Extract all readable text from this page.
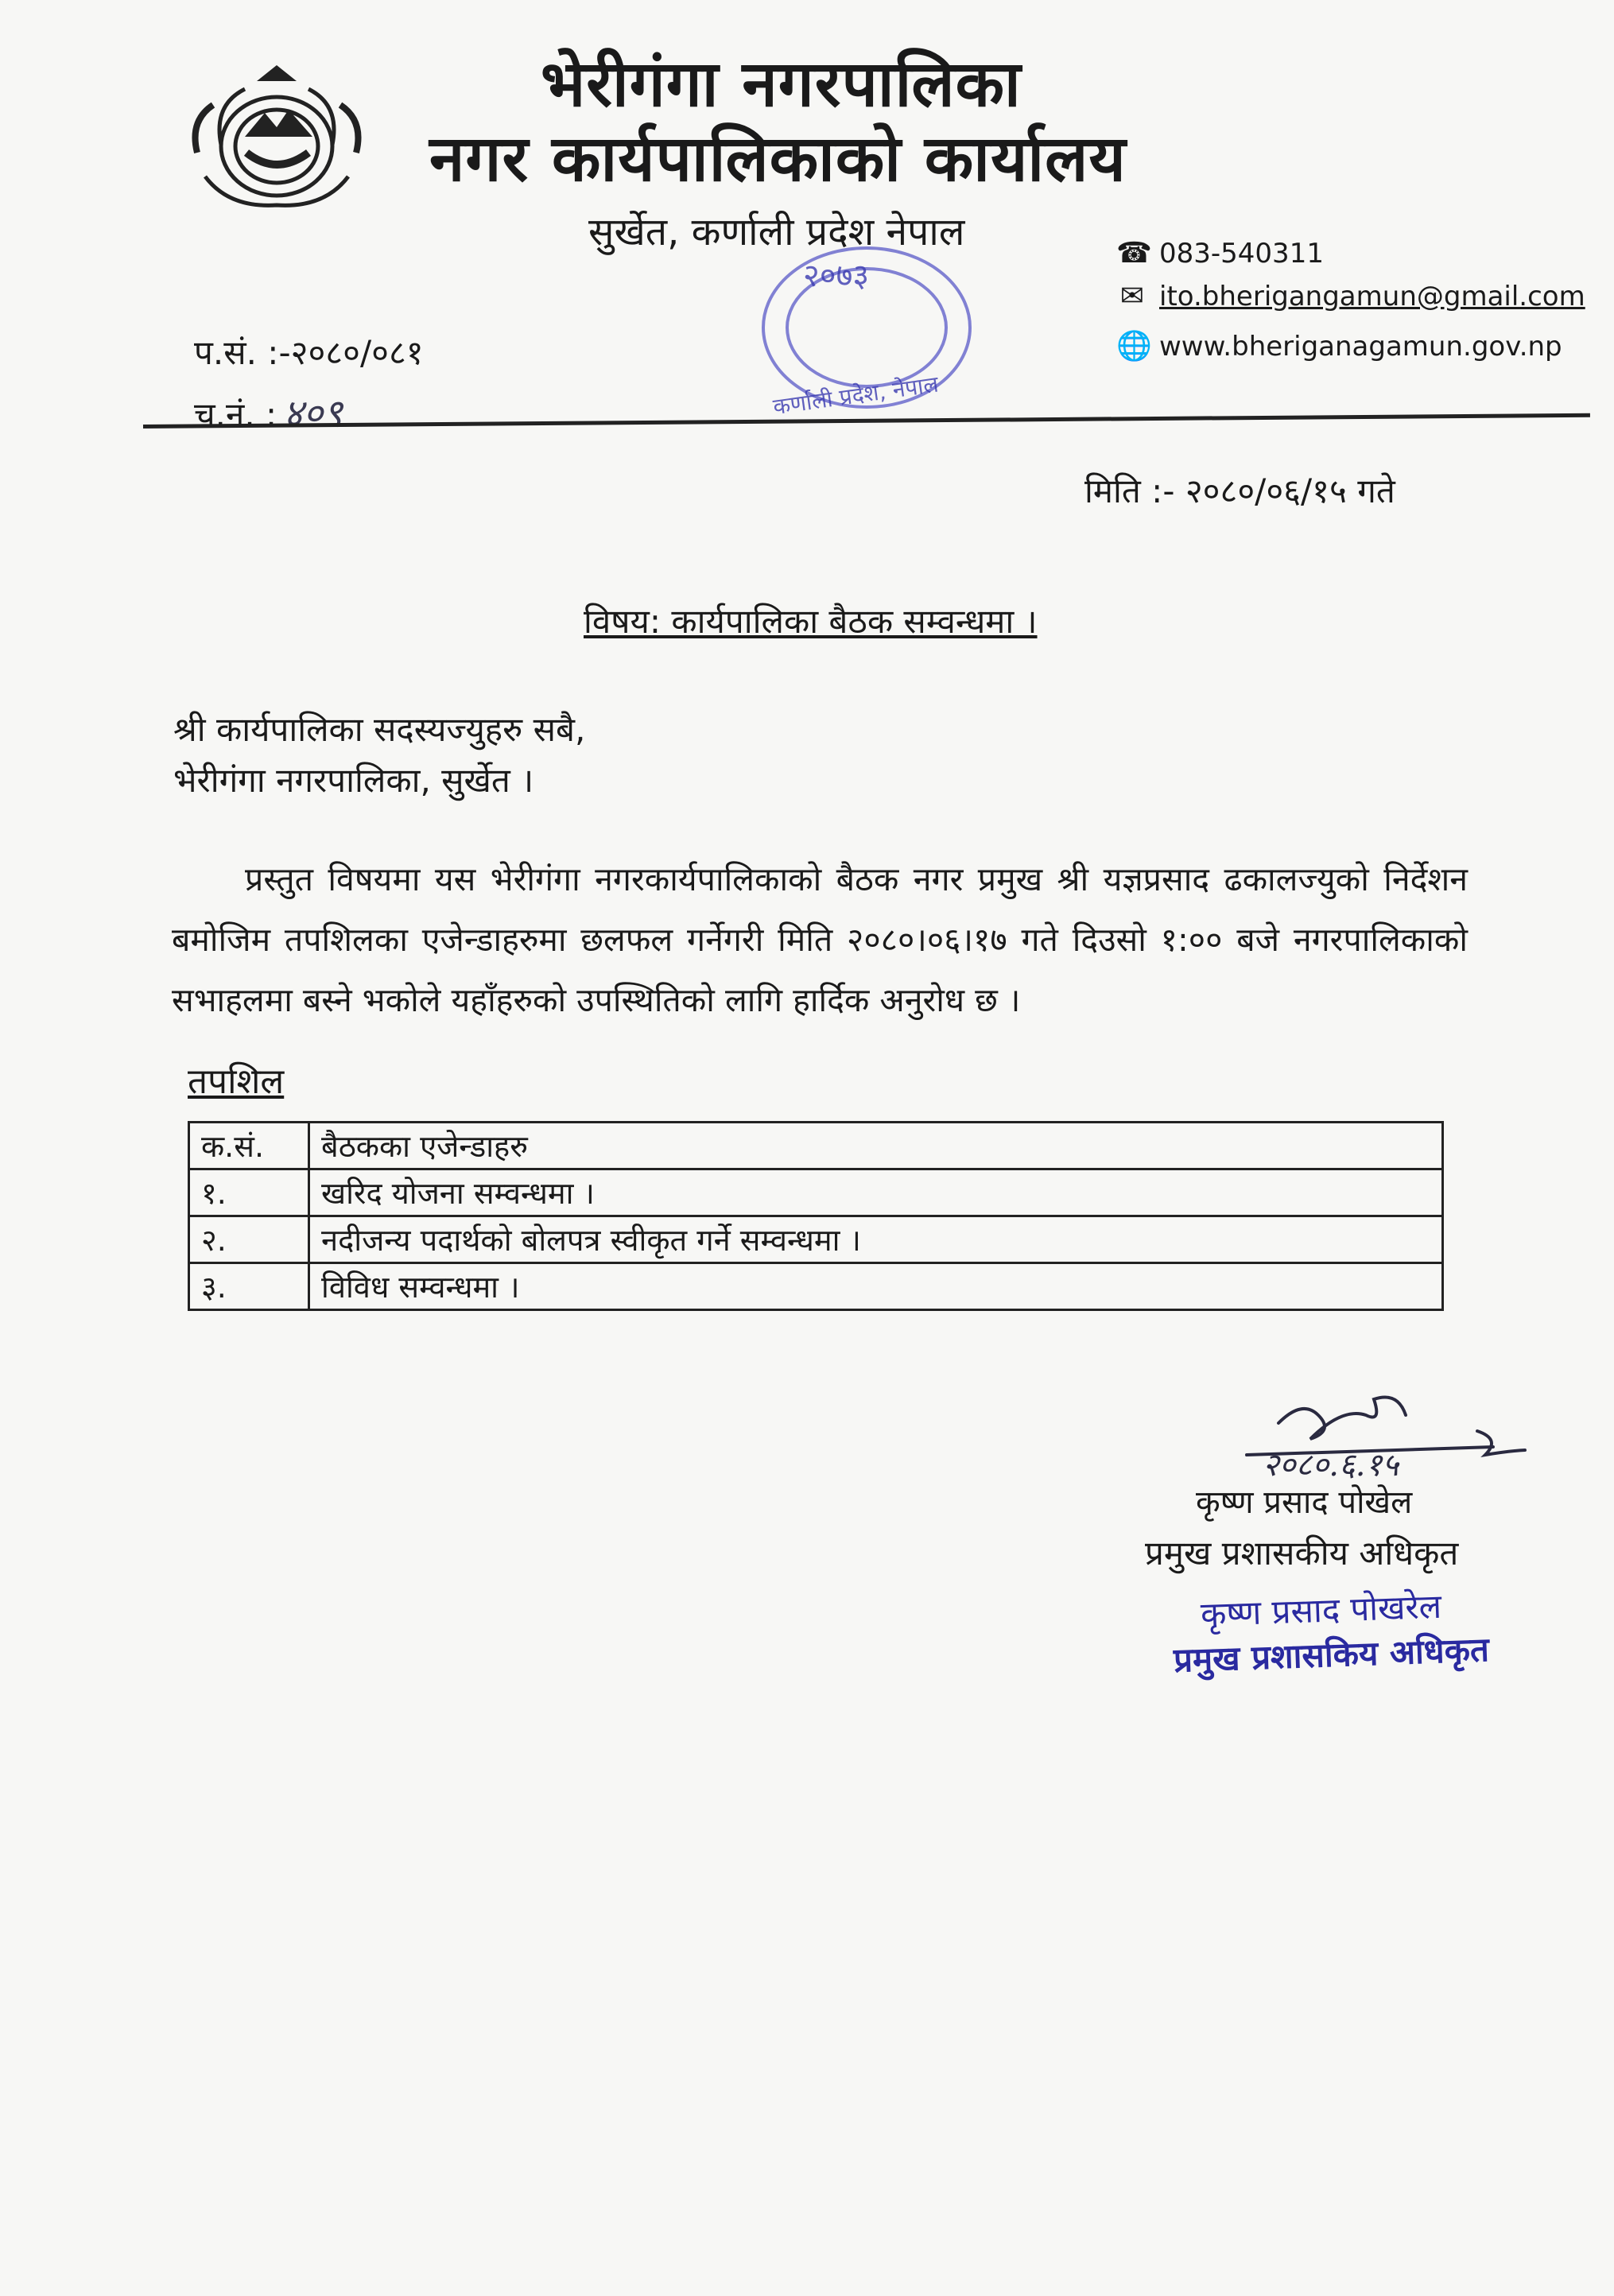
भेरीगंगा नगरपालिका
नगर कार्यपालिकाको कार्यालय
सुर्खेत, कर्णाली प्रदेश नेपाल
२०७३
कर्णाली प्रदेश, नेपाल
☎ 083-540311
✉ ito.bherigangamun@gmail.com
🌐 www.bheriganagamun.gov.np
प.सं. :-२०८०/०८१
च.नं. : ४०९
मिति :- २०८०/०६/१५ गते
विषय: कार्यपालिका बैठक सम्वन्धमा ।
श्री कार्यपालिका सदस्यज्युहरु सबै,
भेरीगंगा नगरपालिका, सुर्खेत ।
प्रस्तुत विषयमा यस भेरीगंगा नगरकार्यपालिकाको बैठक नगर प्रमुख श्री यज्ञप्रसाद ढकालज्युको निर्देशन बमोजिम तपशिलका एजेन्डाहरुमा छलफल गर्नेगरी मिति २०८०।०६।१७ गते दिउसो १:०० बजे नगरपालिकाको सभाहलमा बस्ने भकोले यहाँहरुको उपस्थितिको लागि हार्दिक अनुरोध छ ।
तपशिल
क.सं.	बैठकका एजेन्डाहरु
१.	खरिद योजना सम्वन्धमा ।
२.	नदीजन्य पदार्थको बोलपत्र स्वीकृत गर्ने सम्वन्धमा ।
३.	विविध सम्वन्धमा ।
२०८०.६.१५
कृष्ण प्रसाद पोखेल
प्रमुख प्रशासकीय अधिकृत
कृष्ण प्रसाद पोखरेल
प्रमुख प्रशासकिय अधिकृत
